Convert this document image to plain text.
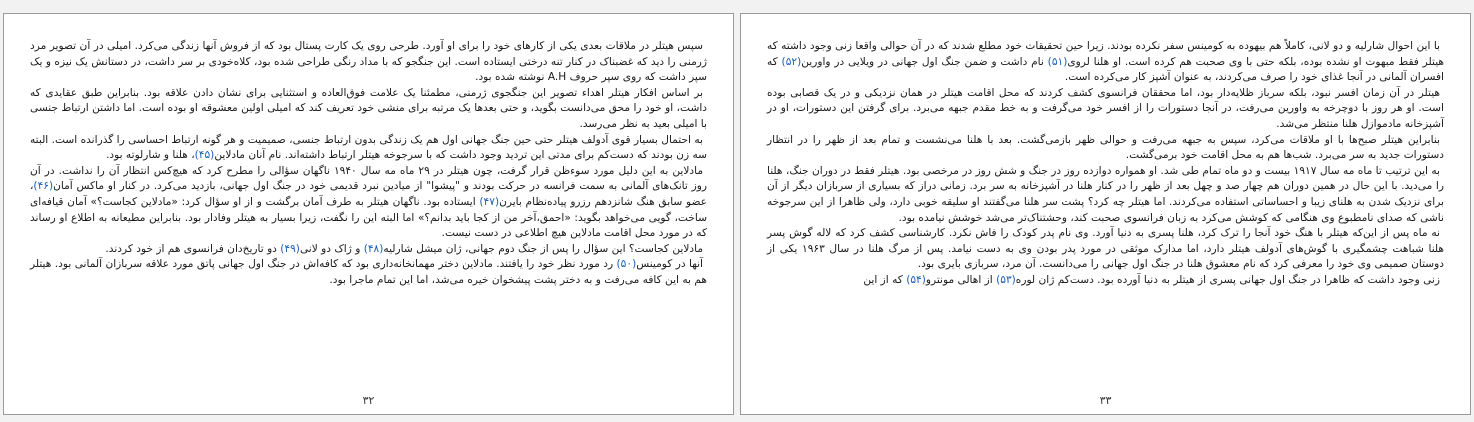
سپس هیتلر در ملاقات بعدی یکی از کارهای خود را برای او آورد. طرحی روی یک کارت پستال بود که از فروش آنها زندگی می‌کرد. امیلی در آن تصویر مرد ژرمنی را دید که غضبناک در کنار تنه درختی ایستاده است. این جنگجو که با مداد رنگی طراحی شده بود، کلاه‌خودی بر سر داشت، در دستانش یک نیزه و یک سپر داشت که روی سپر حروف A.H نوشته شده بود.

بر اساس افکار هیتلر اهداء تصویر این جنگجوی ژرمنی، مطمئنا یک علامت فوق‌العاده و استثنایی برای نشان دادن علاقه بود. بنابراین طبق عقایدی که داشت، او خود را محق می‌دانست بگوید، و حتی بعدها یک مرتبه برای منشی خود تعریف کند که امیلی اولین معشوقه او بوده است. اما داشتن ارتباط جنسی با امیلی بعید به نظر می‌رسد.

به احتمال بسیار قوی آدولف هیتلر حتی حین جنگ جهانی اول هم یک زندگی بدون ارتباط جنسی، صمیمیت و هر گونه ارتباط احساسی را گذرانده است. البته سه زن بودند که دست‌کم برای مدتی این تردید وجود داشت که با سرجوخه هیتلر ارتباط داشته‌اند. نام آنان مادلاین(۴۵)، هلنا و شارلوته بود.

مادلاین به این دلیل مورد سوءظن قرار گرفت، چون هیتلر در ۲۹ ماه مه سال ۱۹۴۰ ناگهان سؤالی را مطرح کرد که هیچ‌کس انتظار آن را نداشت. در آن روز تانک‌های آلمانی به سمت فرانسه در حرکت بودند و "پیشوا" از میادین نبرد قدیمی خود در جنگ اول جهانی، بازدید می‌کرد. در کنار او ماکس آمان(۴۶)، عضو سابق هنگ شانزدهم رزرو پیاده‌نظام بایرن(۴۷) ایستاده بود. ناگهان هیتلر به طرف آمان برگشت و از او سؤال کرد: «مادلاین کجاست؟» آمان قیافه‌ای ساخت، گویی می‌خواهد بگوید: «احمق،آخر من از کجا باید بدانم؟» اما البته این را نگفت، زیرا بسیار به هیتلر وفادار بود. بنابراین مطیعانه به اطلاع او رساند که در مورد محل اقامت مادلاین هیچ اطلاعی در دست نیست.

مادلاین کجاست؟ این سؤال را پس از جنگ دوم جهانی، ژان میشل شارلیه(۴۸) و ژاک دو لانی(۴۹) دو تاریخ‌دان فرانسوی هم از خود کردند.

آنها در کومینس(۵۰) رد مورد نظر خود را یافتند. مادلاین دختر مهمانخانه‌داری بود که کافه‌اش در جنگ اول جهانی پاتق مورد علاقه سربازان آلمانی بود. هیتلر هم به این کافه می‌رفت و به دختر پشت پیشخوان خیره می‌شد، اما این تمام ماجرا بود.

۳۲

با این احوال شارلیه و دو لانی، کاملاً هم بیهوده به کومینس سفر نکرده بودند. زیرا حین تحقیقات خود مطلع شدند که در آن حوالی واقعا زنی وجود داشته که هیتلر فقط مبهوت او نشده بوده، بلکه حتی با وی صحبت هم کرده است. او هلنا لروی(۵۱) نام داشت و ضمن جنگ اول جهانی در ویلایی در واورین(۵۲) که افسران آلمانی در آنجا غذای خود را صرف می‌کردند، به عنوان آشپز کار می‌کرده است.

هیتلر در آن زمان افسر نبود، بلکه سرباز ظلایه‌دار بود، اما محققان فرانسوی کشف کردند که محل اقامت هیتلر در همان نزدیکی و در یک قصابی بوده است. او هر روز با دوچرخه به واورین می‌رفت، در آنجا دستورات را از افسر خود می‌گرفت و به خط مقدم جبهه می‌برد. برای گرفتن این دستورات، او در آشپزخانه مادموازل هلنا منتظر می‌شد.

بنابراین هیتلر صبح‌ها با او ملاقات می‌کرد، سپس به جبهه می‌رفت و حوالی ظهر بازمی‌گشت. بعد با هلنا می‌نشست و تمام بعد از ظهر را در انتظار دستورات جدید به سر می‌برد. شب‌ها هم به محل اقامت خود برمی‌گشت.

به این ترتیب تا ماه مه سال ۱۹۱۷ بیست و دو ماه تمام طی شد. او همواره دوازده روز در جنگ و شش روز در مرخصی بود. هیتلر فقط در دوران جنگ، هلنا را می‌دید. با این حال در همین دوران هم چهار صد و چهل بعد از ظهر را در کنار هلنا در آشپزخانه به سر برد. زمانی دراز که بسیاری از سربازان دیگر از آن برای نزدیک شدن به هلنای زیبا و احساساتی استفاده می‌کردند. اما هیتلر چه کرد؟ پشت سر هلنا می‌گفتند او سلیقه خوبی دارد، ولی ظاهرا از این سرجوخه ناشی که صدای نامطبوع وی هنگامی که کوشش می‌کرد به زبان فرانسوی صحبت کند، وحشتناک‌تر می‌شد خوشش نیامده بود.

نه ماه پس از این‌که هیتلر با هنگ خود آنجا را ترک کرد، هلنا پسری به دنیا آورد. وی نام پدر کودک را فاش نکرد. کارشناسی کشف کرد که لاله گوش پسر هلنا شباهت چشمگیری با گوش‌های آدولف هیتلر دارد، اما مدارک موثقی در مورد پدر بودن وی به دست نیامد. پس از مرگ هلنا در سال ۱۹۶۳ یکی از دوستان صمیمی وی خود را معرفی کرد که نام معشوق هلنا در جنگ اول جهانی را می‌دانست. آن مرد، سربازی بایری بود.

زنی وجود داشت که ظاهرا در جنگ اول جهانی پسری از هیتلر به دنیا آورده بود. دست‌کم ژان لوره(۵۳) از اهالی مونترو(۵۴) که از این

۳۳
